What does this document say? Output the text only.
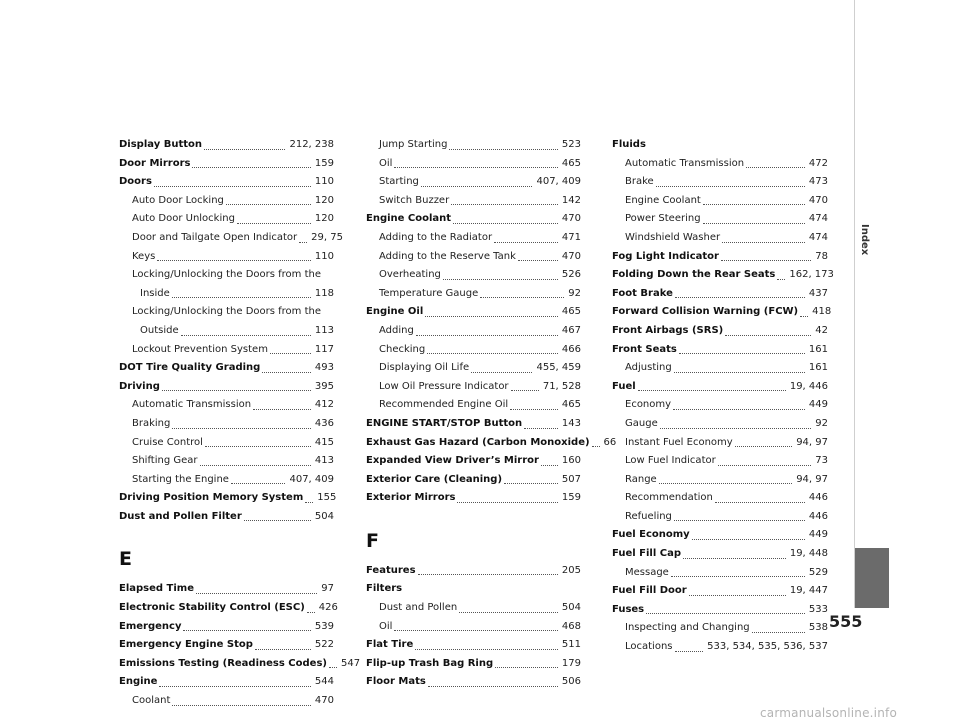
Display Button	212, 238
Door Mirrors	159
Doors	110
Auto Door Locking	120
Auto Door Unlocking	120
Door and Tailgate Open Indicator 29, 75
Keys	110
Locking/Unlocking the Doors from the
Inside	118
Locking/Unlocking the Doors from the
Outside	113
Lockout Prevention System	117
DOT Tire Quality Grading	493
Driving	395
Automatic Transmission	412
Braking	436
Cruise Control	415
Shifting Gear	413
Starting the Engine	407, 409
Driving Position Memory System 155
Dust and Pollen Filter	504
E
Elapsed Time	97
Electronic Stability Control (ESC) 426
Emergency	539
Emergency Engine Stop	522
Emissions Testing (Readiness Codes) 547
Engine	544
Coolant	470
Jump Starting	523
Oil	465
Starting	407, 409
Switch Buzzer	142
Engine Coolant	470
Adding to the Radiator	471
Adding to the Reserve Tank	470
Overheating	526
Temperature Gauge	92
Engine Oil	465
Adding	467
Checking	466
Displaying Oil Life	455, 459
Low Oil Pressure Indicator	71, 528
Recommended Engine Oil	465
ENGINE START/STOP Button	143
Exhaust Gas Hazard (Carbon Monoxide) 66
Expanded View Driver’s Mirror 160
Exterior Care (Cleaning)	507
Exterior Mirrors	159
F
Features	205
Filters
Dust and Pollen	504
Oil	468
Flat Tire	511
Flip-up Trash Bag Ring	179
Floor Mats	506
Fluids
Automatic Transmission	472
Brake	473
Engine Coolant	470
Power Steering	474
Windshield Washer	474
Fog Light Indicator	78
Folding Down the Rear Seats 162, 173
Foot Brake	437
Forward Collision Warning (FCW) 418
Front Airbags (SRS)	42
Front Seats	161
Adjusting	161
Fuel	19, 446
Economy	449
Gauge	92
Instant Fuel Economy	94, 97
Low Fuel Indicator	73
Range	94, 97
Recommendation	446
Refueling	446
Fuel Economy	449
Fuel Fill Cap	19, 448
Message	529
Fuel Fill Door	19, 447
Fuses	533
Inspecting and Changing	538
Locations	533, 534, 535, 536, 537
Index
555
carmanualsonline.info
